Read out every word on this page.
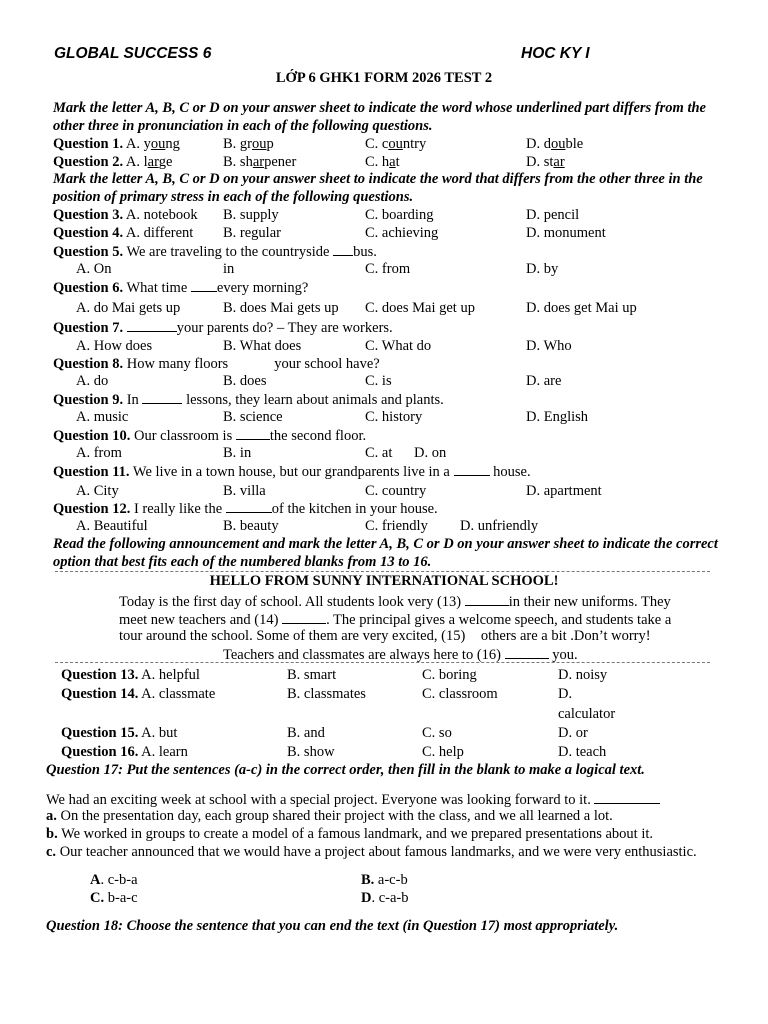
GLOBAL SUCCESS 6	HOC KY I
LỚP 6 GHK1 FORM 2026 TEST 2
Mark the letter A, B, C or D on your answer sheet to indicate the word whose underlined part differs from the other three in pronunciation in each of the following questions.
Question 1. A. young	B. group	C. country	D. double
Question 2. A. large	B. sharpener	C. hat	D. star
Mark the letter A, B, C or D on your answer sheet to indicate the word that differs from the other three in the position of primary stress in each of the following questions.
Question 3. A. notebook B. supply	C. boarding	D. pencil
Question 4. A. different B. regular	C. achieving	D. monument
Question 5. We are traveling to the countryside bus.
A. On	in	C. from	D. by
Question 6. What time every morning?
A. do Mai gets up	B. does Mai gets up C. does Mai get up	D. does get Mai up
Question 7.	your parents do? – They are workers.
A. How does	B. What does	C. What do	D. Who
Question 8. How many floors	your school have?
A. do	B. does	C. is	D. are
Question 9. In	lessons, they learn about animals and plants.
A. music	B. science	C. history	D. English
Question 10. Our classroom is	the second floor.
A. from	B. in	C. at D. on
Question 11. We live in a town house, but our grandparents live in a	house.
A. City	B. villa	C. country	D. apartment
Question 12. I really like the	of the kitchen in your house.
A. Beautiful	B. beauty	C. friendly D. unfriendly
Read the following announcement and mark the letter A, B, C or D on your answer sheet to indicate the correct option that best fits each of the numbered blanks from 13 to 16.
HELLO FROM SUNNY INTERNATIONAL SCHOOL!
Today is the first day of school. All students look very (13)	in their new uniforms. They
meet new teachers and (14)	. The principal gives a welcome speech, and students take a
tour around the school. Some of them are very excited, (15) others are a bit .Don’t worry!
Teachers and classmates are always here to (16)	you.
Question 13. A. helpful	B. smart	C. boring	D. noisy
Question 14. A. classmate	B. classmates	C. classroom	D.
calculator
Question 15. A. but	B. and	C. so	D. or
Question 16. A. learn	B. show	C. help	D. teach
Question 17: Put the sentences (a-c) in the correct order, then fill in the blank to make a logical text.
We had an exciting week at school with a special project. Everyone was looking forward to it.
a. On the presentation day, each group shared their project with the class, and we all learned a lot.
b. We worked in groups to create a model of a famous landmark, and we prepared presentations about it.
c. Our teacher announced that we would have a project about famous landmarks, and we were very enthusiastic.
A. c-b-a	B. a-c-b
C. b-a-c	D. c-a-b
Question 18: Choose the sentence that you can end the text (in Question 17) most appropriately.
